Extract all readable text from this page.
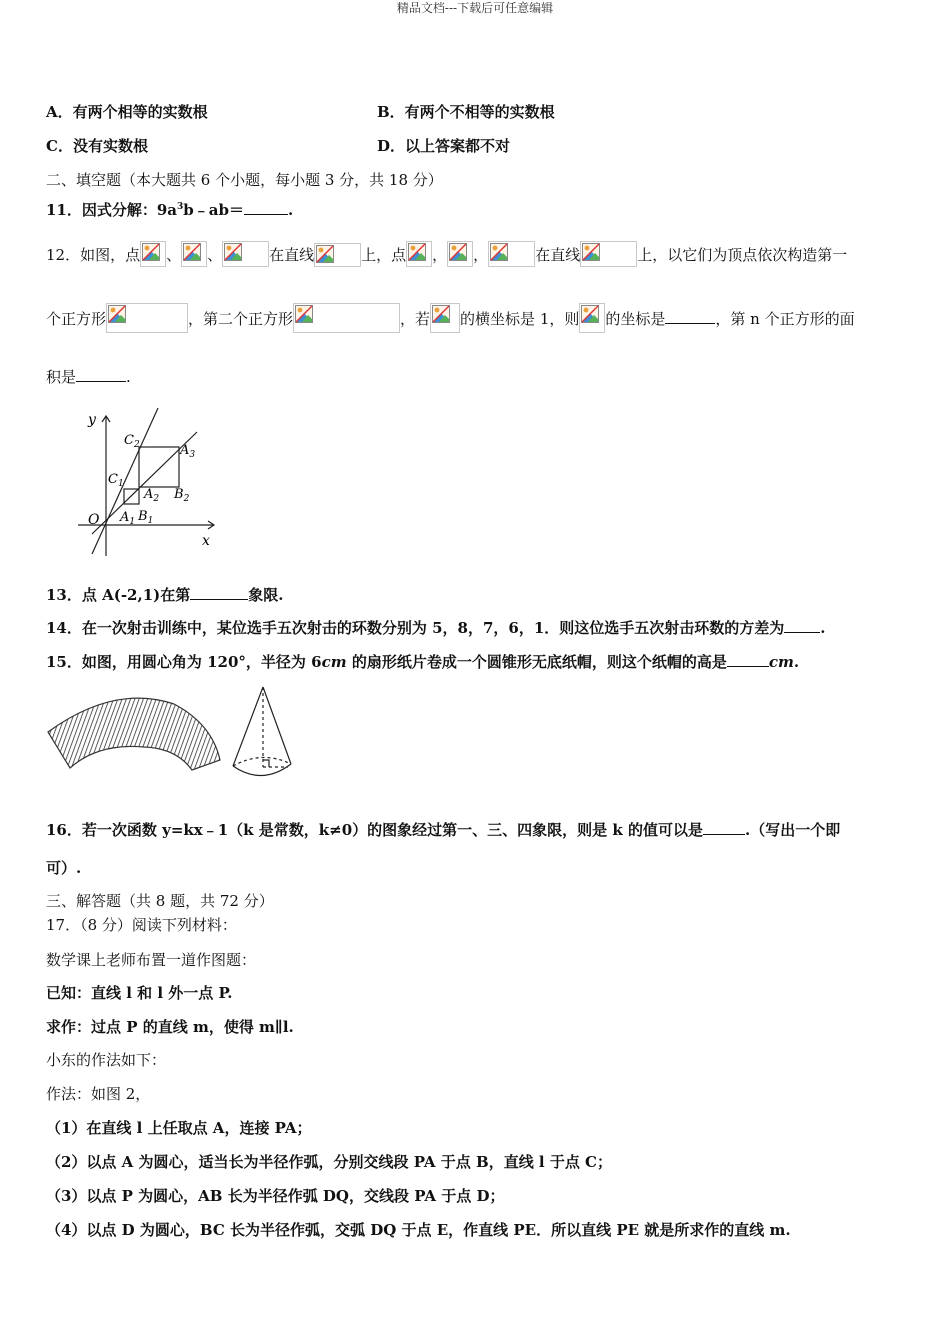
精品文档---下载后可任意编辑
A．有两个相等的实数根	B．有两个不相等的实数根
C．没有实数根	D．以上答案都不对
二、填空题（本大题共 6 个小题，每小题 3 分，共 18 分）
11．因式分解：$9a^3b﹣ab=$	.
12．如图，点 、 、	在直线	上，点 ， ，	在直线	上，以它们为顶点依次构造第一
个正方形	，第二个正方形	，若 的横坐标是 1，则 的坐标是	，第 n 个正方形的面
积是	.
y
x
O $A_1$ $B_1$
$C_1$
$A_2$ $B_2$
$C_2$	$A_3$
13．点 A(-2,1)在第	象限.
14．在一次射击训练中，某位选手五次射击的环数分别为 5，8，7，6，1．则这位选手五次射击环数的方差为 .
15．如图，用圆心角为 120°，半径为 6cm 的扇形纸片卷成一个圆锥形无底纸帽，则这个纸帽的高是	cm.
16．若一次函数 y=kx﹣1（k 是常数，k≠0）的图象经过第一、三、四象限，则是 k 的值可以是	.（写出一个即
可）.
三、解答题（共 8 题，共 72 分）
17．（8 分）阅读下列材料：
数学课上老师布置一道作图题：
已知：直线 l 和 l 外一点 P.
求作：过点 P 的直线 m，使得 m∥l.
小东的作法如下：
作法：如图 2，
（1）在直线 l 上任取点 A，连接 PA；
（2）以点 A 为圆心，适当长为半径作弧，分别交线段 PA 于点 B，直线 l 于点 C；
（3）以点 P 为圆心，AB 长为半径作弧 DQ，交线段 PA 于点 D；
（4）以点 D 为圆心，BC 长为半径作弧，交弧 DQ 于点 E，作直线 PE．所以直线 PE 就是所求作的直线 m.
